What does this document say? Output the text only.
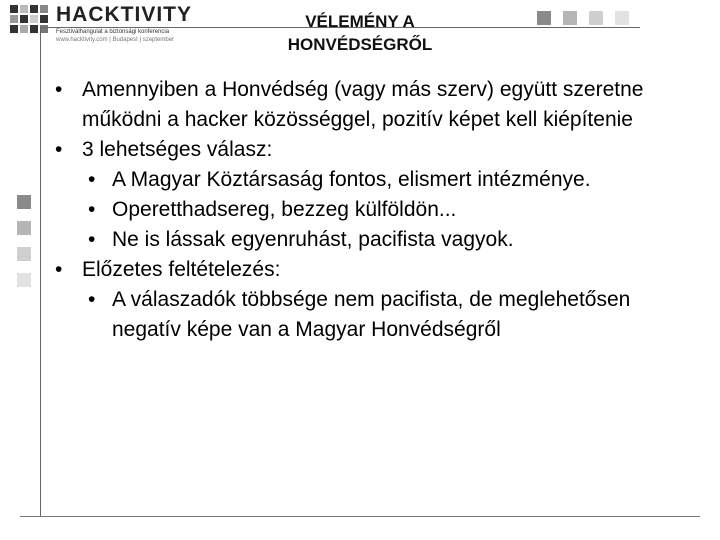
HACKTIVITY
Fesztiválhangulat a biztonsági konferencia
www.hacktivity.com | Budapest | szeptember
VÉLEMÉNY A
HONVÉDSÉGRŐL
• Amennyiben a Honvédség (vagy más szerv) együtt szeretne működni a hacker közösséggel, pozitív képet kell kiépítenie
• 3 lehetséges válasz:
• A Magyar Köztársaság fontos, elismert intézménye.
• Operetthadsereg, bezzeg külföldön...
• Ne is lássak egyenruhást, pacifista vagyok.
• Előzetes feltételezés:
• A válaszadók többsége nem pacifista, de meglehetősen negatív képe van a Magyar Honvédségről
